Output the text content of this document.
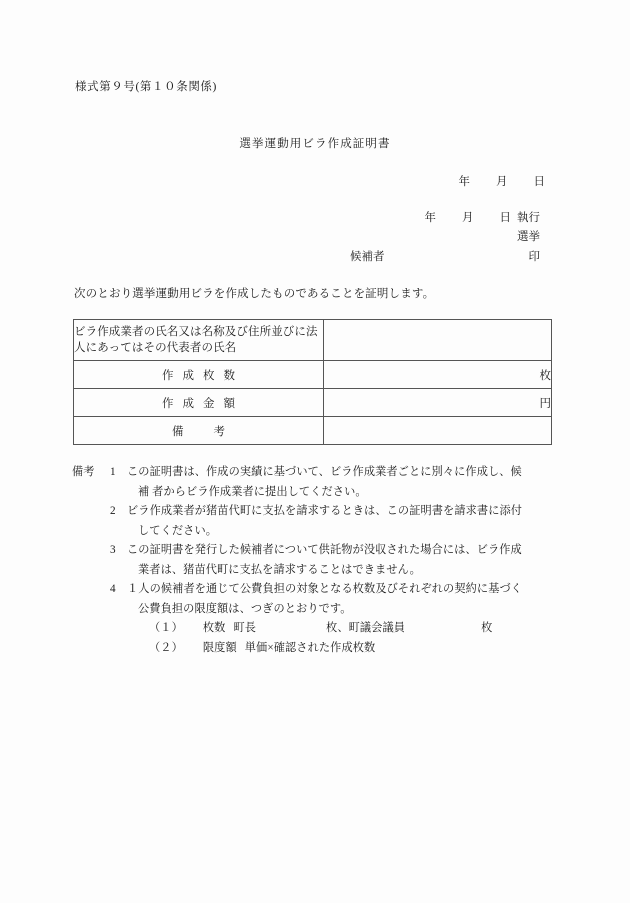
様式第９号(第１０条関係)
選挙運動用ビラ作成証明書
年 月 日
年 月 日 執行
選挙
候補者	印
次のとおり選挙運動用ビラを作成したものであることを証明します。
ビラ作成業者の氏名又は名称及び住所並びに法人にあってはその代表者の氏名	
作成枚数	枚
作成金額	円
備考	
備考 1 この証明書は、作成の実績に基づいて、ビラ作成業者ごとに別々に作成し、候
補 者からビラ作成業者に提出してください。
2 ビラ作成業者が猪苗代町に支払を請求するときは、この証明書を請求書に添付
してください。
3 この証明書を発行した候補者について供託物が没収された場合には、ビラ作成
業者は、猪苗代町に支払を請求することはできません。
4 １人の候補者を通じて公費負担の対象となる枚数及びそれぞれの契約に基づく
公費負担の限度額は、つぎのとおりです。
（１） 枚数 町長	枚、町議会議員	枚
（２） 限度額 単価×確認された作成枚数
